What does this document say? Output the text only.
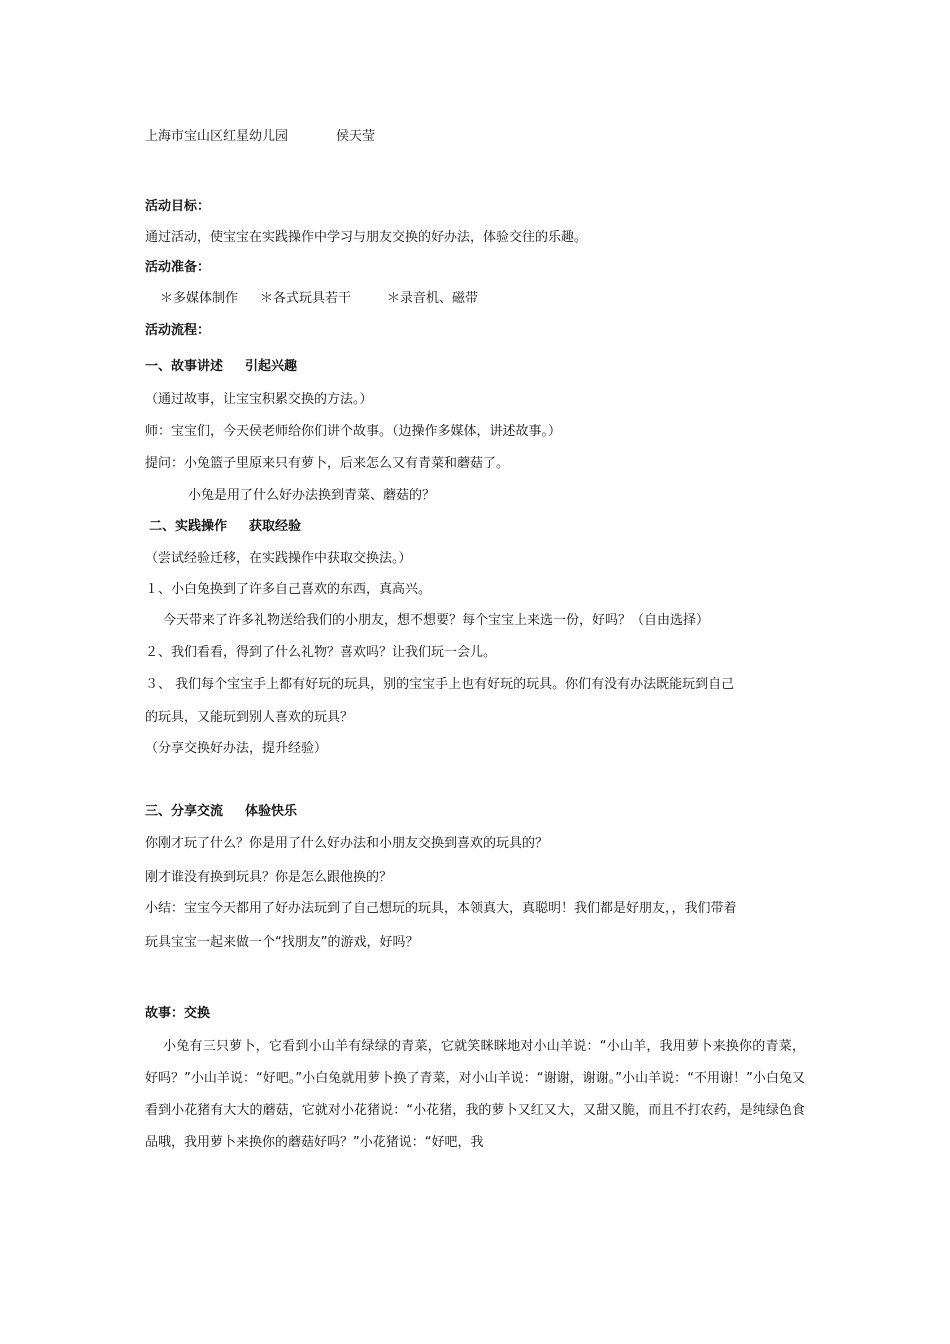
上海市宝山区红星幼儿园	侯天莹
活动目标：
通过活动，使宝宝在实践操作中学习与朋友交换的好办法，体验交往的乐趣。
活动准备：
＊多媒体制作 ＊各式玩具若干	＊录音机、磁带
活动流程：
一、故事讲述 引起兴趣
（通过故事，让宝宝积累交换的方法。）
师：宝宝们，今天侯老师给你们讲个故事。（边操作多媒体，讲述故事。）
提问：小兔篮子里原来只有萝卜，后来怎么又有青菜和蘑菇了。
小兔是用了什么好办法换到青菜、蘑菇的？
二、实践操作 获取经验
（尝试经验迁移，在实践操作中获取交换法。）
１、小白兔换到了许多自己喜欢的东西，真高兴。
今天带来了许多礼物送给我们的小朋友，想不想要？每个宝宝上来选一份，好吗？（自由选择）
２、我们看看，得到了什么礼物？喜欢吗？让我们玩一会儿。
３、 我们每个宝宝手上都有好玩的玩具，别的宝宝手上也有好玩的玩具。你们有没有办法既能玩到自己
的玩具，又能玩到别人喜欢的玩具？
（分享交换好办法，提升经验）
三、分享交流 体验快乐
你刚才玩了什么？你是用了什么好办法和小朋友交换到喜欢的玩具的？
刚才谁没有换到玩具？你是怎么跟他换的？
小结：宝宝今天都用了好办法玩到了自己想玩的玩具，本领真大，真聪明！我们都是好朋友，，我们带着
玩具宝宝一起来做一个“找朋友”的游戏，好吗？
故事：交换
小兔有三只萝卜，它看到小山羊有绿绿的青菜，它就笑眯眯地对小山羊说：“小山羊，我用萝卜来换你的青菜，好吗？”小山羊说：“好吧。”小白兔就用萝卜换了青菜，对小山羊说：“谢谢，谢谢。”小山羊说：“不用谢！”小白兔又看到小花猪有大大的蘑菇，它就对小花猪说：“小花猪，我的萝卜又红又大，又甜又脆，而且不打农药，是纯绿色食品哦，我用萝卜来换你的蘑菇好吗？”小花猪说：“好吧，我
